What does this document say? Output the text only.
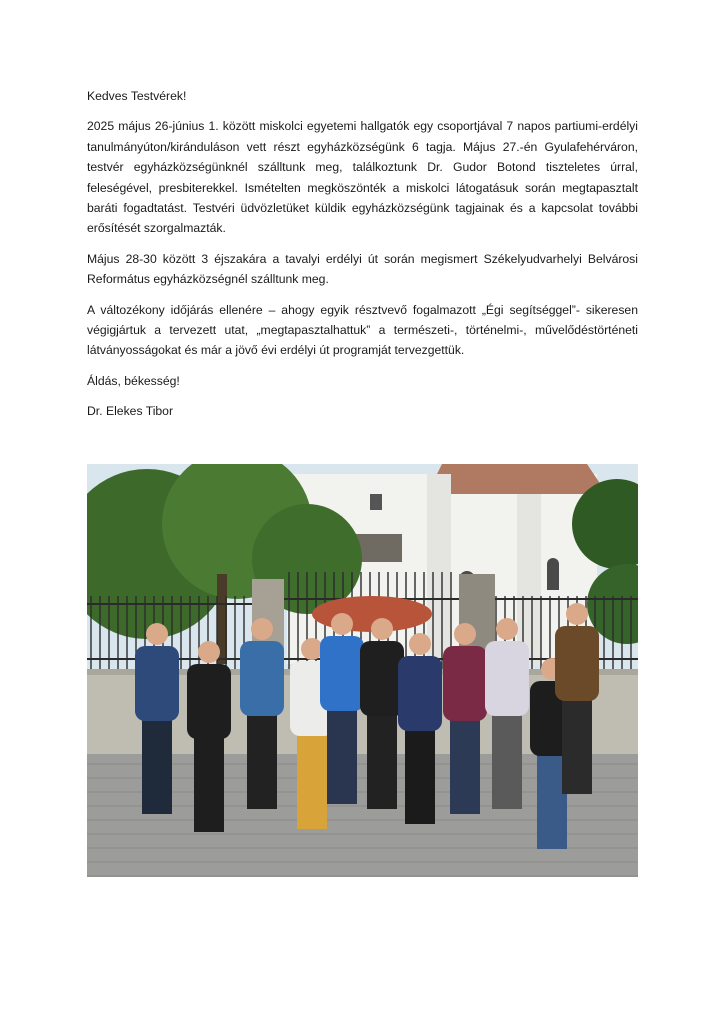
Kedves Testvérek!

2025 május 26-június 1. között miskolci egyetemi hallgatók egy csoportjával 7 napos partiumi-erdélyi tanulmányúton/kiránduláson vett részt egyházközségünk 6 tagja. Május 27.-én Gyulafehérváron, testvér egyházközségünknél szálltunk meg, találkoztunk Dr. Gudor Botond tiszteletes úrral, feleségével, presbiterekkel. Ismételten megköszönték a miskolci látogatásuk során megtapasztalt baráti fogadtatást. Testvéri üdvözletüket küldik egyházközségünk tagjainak és a kapcsolat további erősítését szorgalmazták.

Május 28-30 között 3 éjszakára a tavalyi erdélyi út során megismert Székelyudvarhelyi Belvárosi Református egyházközségnél szálltunk meg.

A változékony időjárás ellenére – ahogy egyik résztvevő fogalmazott „Égi segítséggel”- sikeresen végigjártuk a tervezett utat, „megtapasztalhattuk” a természeti-, történelmi-, művelődéstörténeti látványosságokat és már a jövő évi erdélyi út programját tervezgettük.

Áldás, békesség!

Dr. Elekes Tibor
